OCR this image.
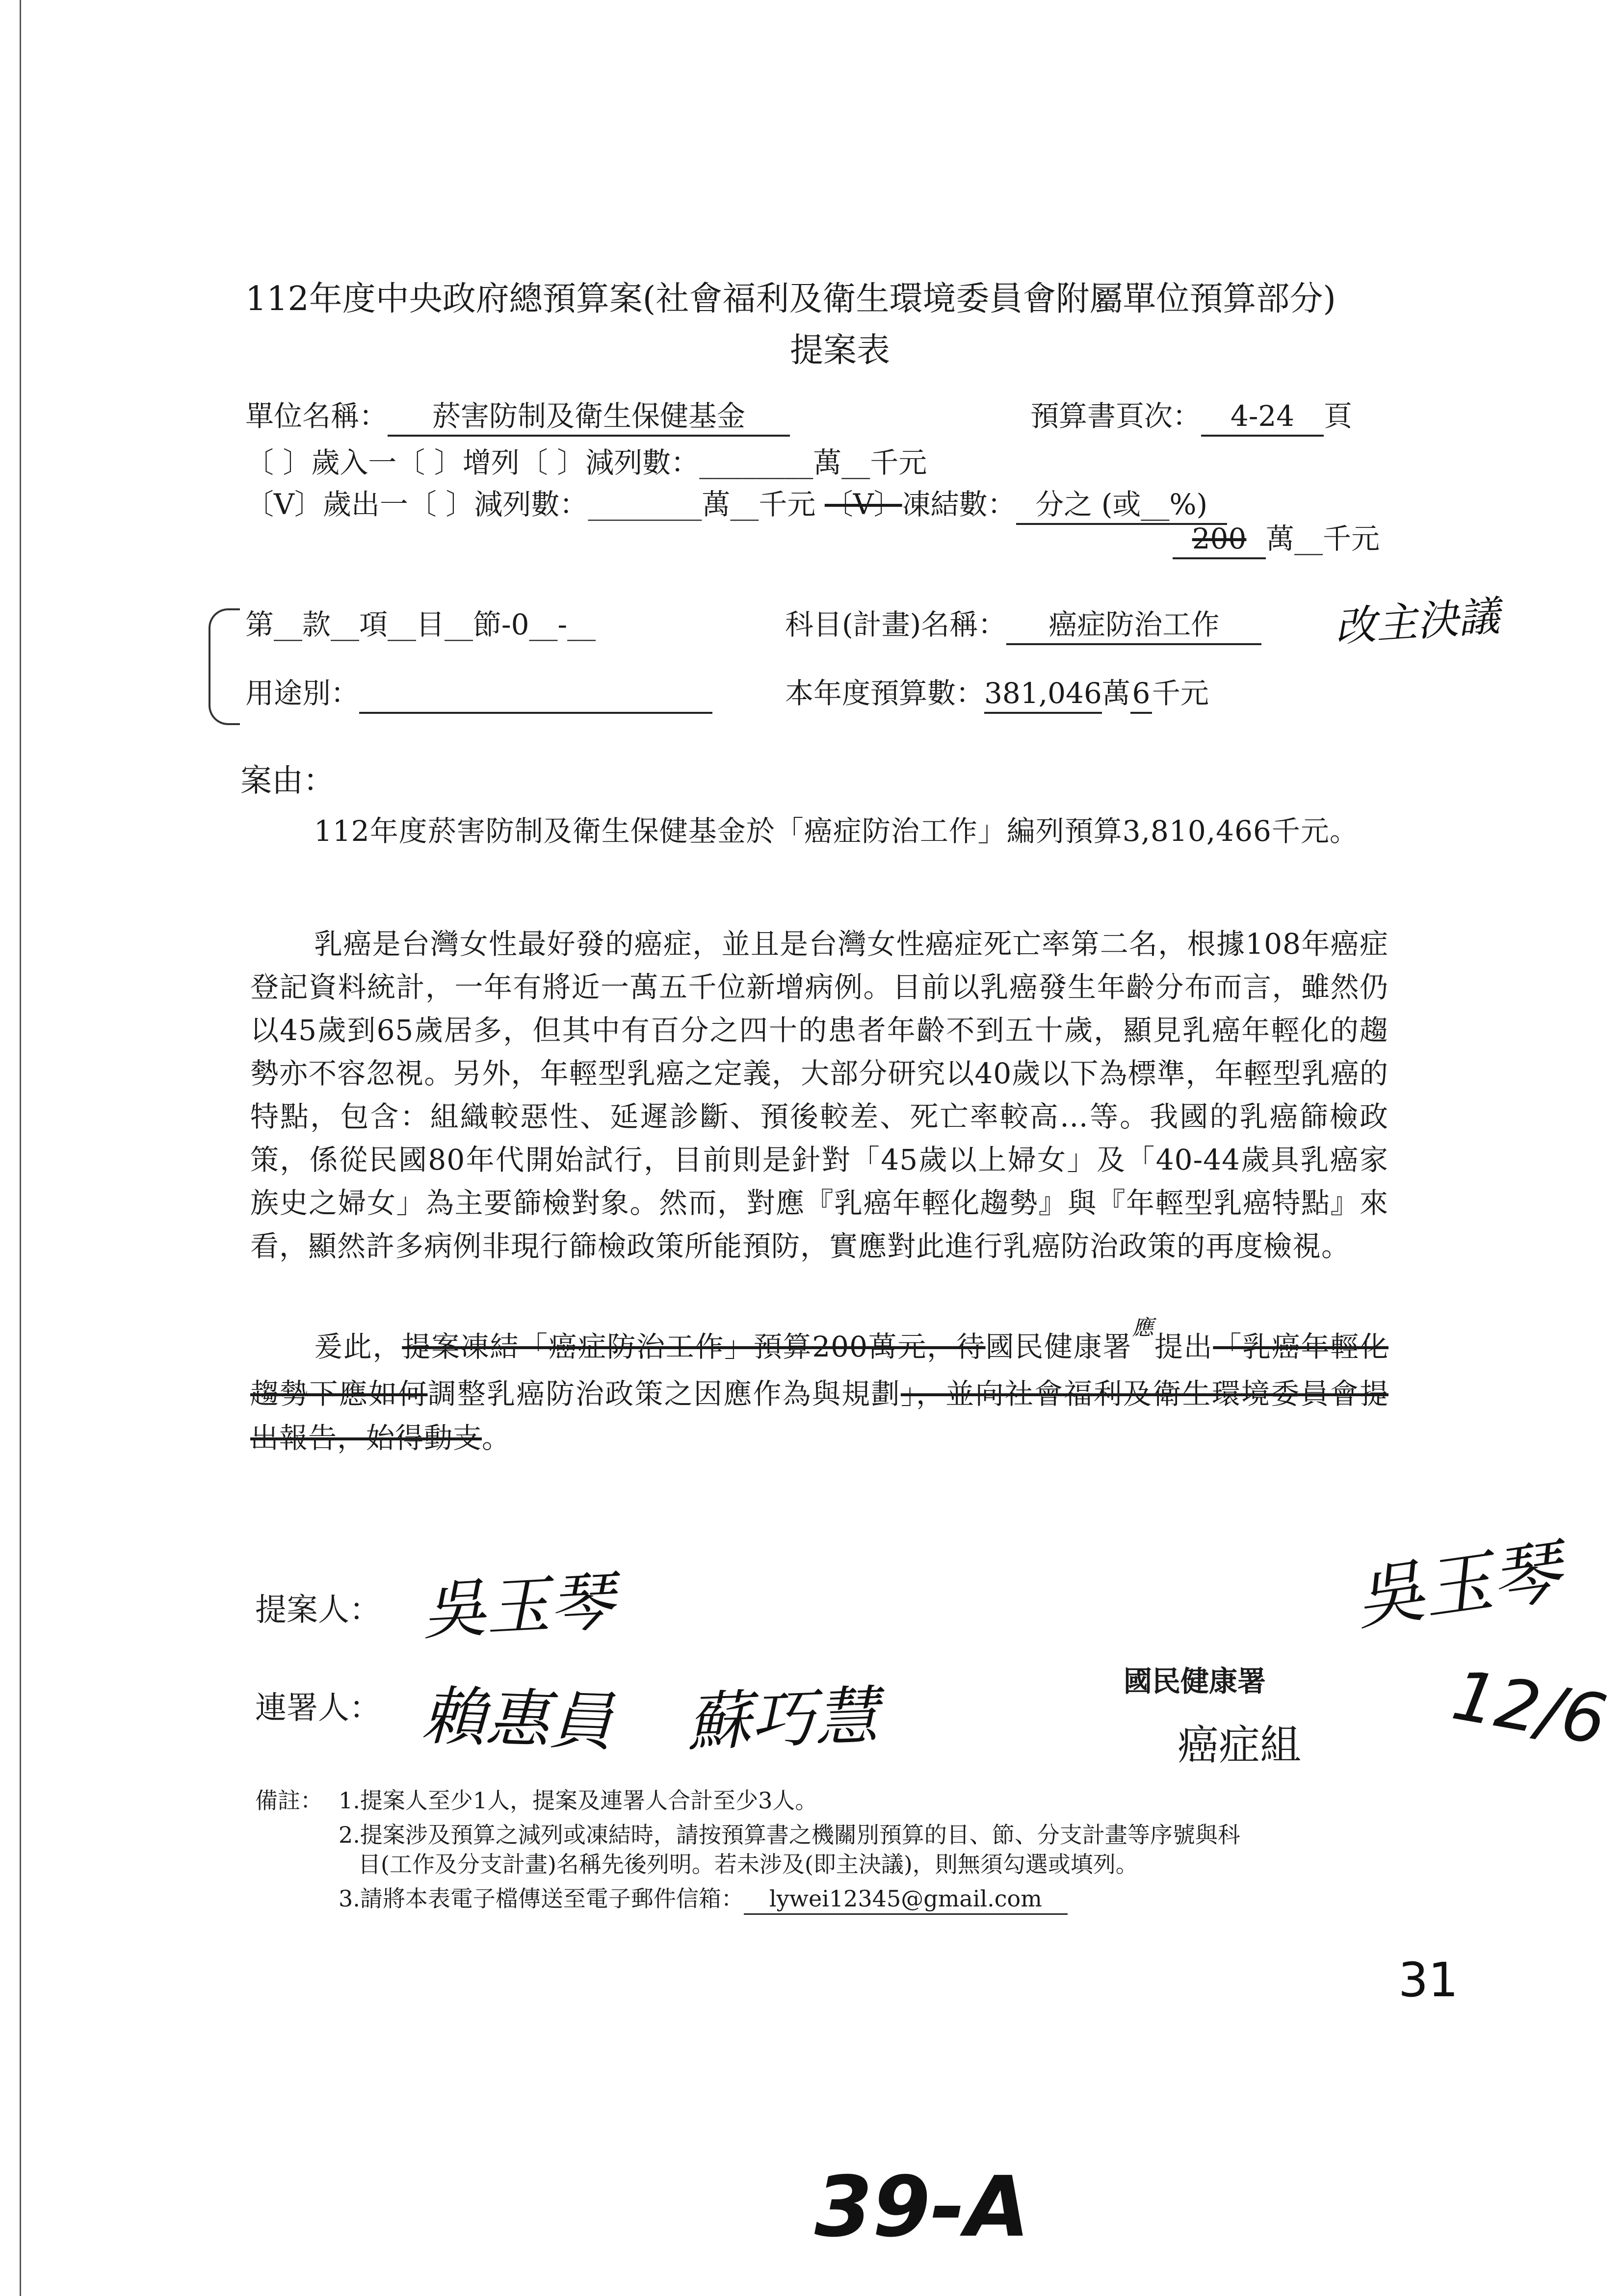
112年度中央政府總預算案(社會福利及衛生環境委員會附屬單位預算部分)
提案表
單位名稱： 菸害防制及衛生保健基金	預算書頁次： 4-24 頁
〔 〕歲入一〔 〕增列〔 〕減列數：________萬__千元
〔V〕歲出一〔 〕減列數：________萬__千元 〔V〕凍結數： 分之 (或__%)
200 萬__千元
第__款__項__目__節-0__-__	科目(計畫)名稱： 癌症防治工作	改主決議
用途別：	本年度預算數：381,046萬6千元
案由：
112年度菸害防制及衛生保健基金於「癌症防治工作」編列預算3,810,466千元。
乳癌是台灣女性最好發的癌症，並且是台灣女性癌症死亡率第二名，根據108年癌症登記資料統計，一年有將近一萬五千位新增病例。目前以乳癌發生年齡分布而言，雖然仍以45歲到65歲居多，但其中有百分之四十的患者年齡不到五十歲，顯見乳癌年輕化的趨勢亦不容忽視。另外，年輕型乳癌之定義，大部分研究以40歲以下為標準，年輕型乳癌的特點，包含：組織較惡性、延遲診斷、預後較差、死亡率較高…等。我國的乳癌篩檢政策，係從民國80年代開始試行，目前則是針對「45歲以上婦女」及「40-44歲具乳癌家族史之婦女」為主要篩檢對象。然而，對應『乳癌年輕化趨勢』與『年輕型乳癌特點』來看，顯然許多病例非現行篩檢政策所能預防，實應對此進行乳癌防治政策的再度檢視。
爰此，提案凍結「癌症防治工作」預算200萬元，待國民健康署$^應$提出「乳癌年輕化趨勢下應如何調整乳癌防治政策之因應作為與規劃」，並向社會福利及衛生環境委員會提出報告，始得動支。
提案人： 吳玉琴
連署人： 賴惠員 蘇巧慧	國民健康署
癌症組
吳玉琴
12/6
備註： 1.提案人至少1人，提案及連署人合計至少3人。
2.提案涉及預算之減列或凍結時，請按預算書之機關別預算的目、節、分支計畫等序號與科
目(工作及分支計畫)名稱先後列明。若未涉及(即主決議)，則無須勾選或填列。
3.請將本表電子檔傳送至電子郵件信箱： lywei12345@gmail.com
31
39-A
